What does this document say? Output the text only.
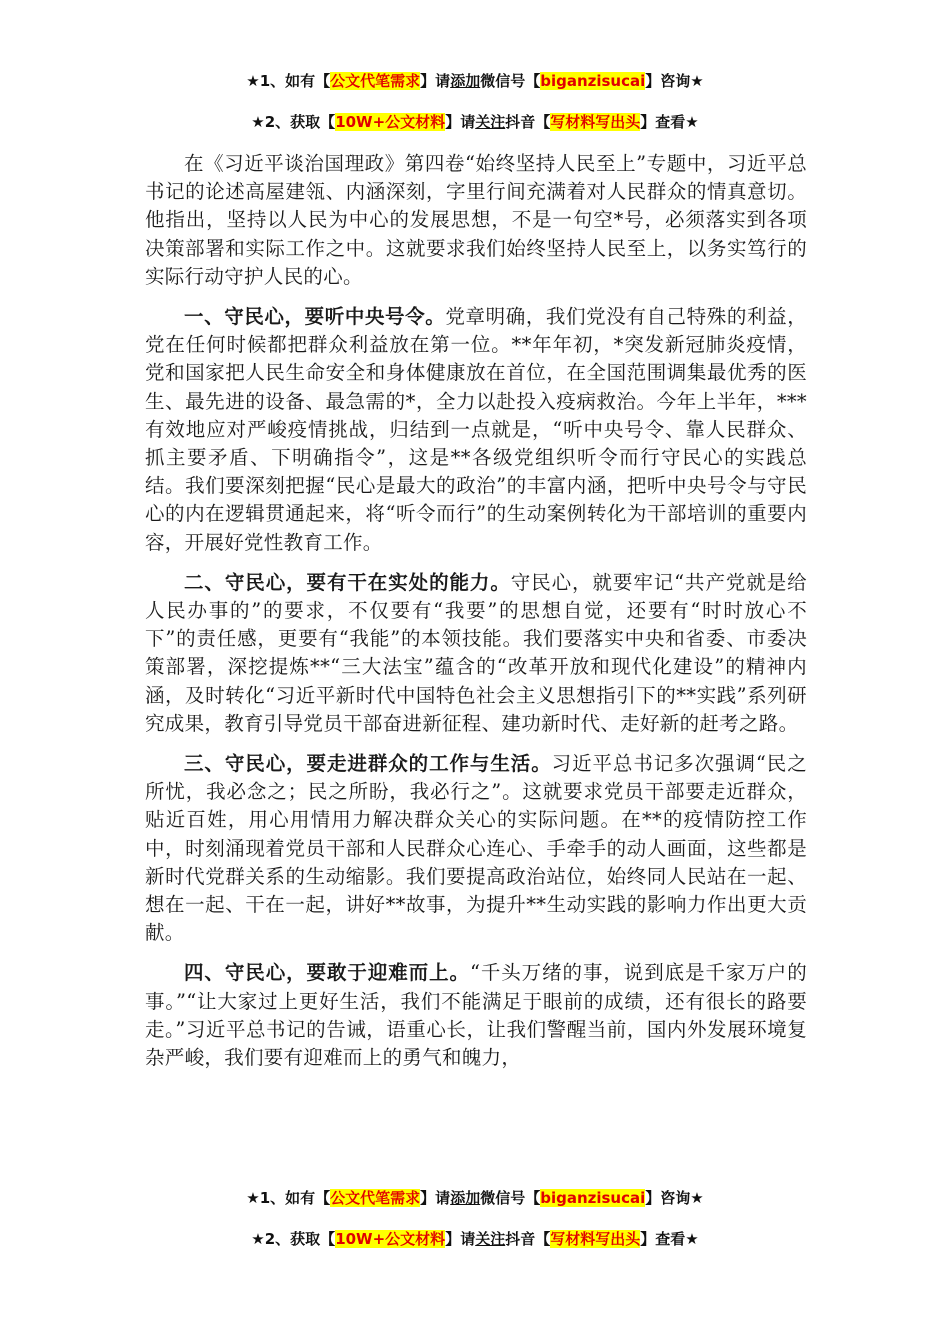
★1、如有【公文代笔需求】请添加微信号【biganzisucai】咨询★
★2、获取【10W+公文材料】请关注抖音【写材料写出头】查看★

在《习近平谈治国理政》第四卷“始终坚持人民至上”专题中，习近平总书记的论述高屋建瓴、内涵深刻，字里行间充满着对人民群众的情真意切。他指出，坚持以人民为中心的发展思想，不是一句空*号，必须落实到各项决策部署和实际工作之中。这就要求我们始终坚持人民至上，以务实笃行的实际行动守护人民的心。

一、守民心，要听中央号令。党章明确，我们党没有自己特殊的利益，党在任何时候都把群众利益放在第一位。**年年初，*突发新冠肺炎疫情，党和国家把人民生命安全和身体健康放在首位，在全国范围调集最优秀的医生、最先进的设备、最急需的*，全力以赴投入疫病救治。今年上半年，***有效地应对严峻疫情挑战，归结到一点就是，“听中央号令、靠人民群众、抓主要矛盾、下明确指令”，这是**各级党组织听令而行守民心的实践总结。我们要深刻把握“民心是最大的政治”的丰富内涵，把听中央号令与守民心的内在逻辑贯通起来，将“听令而行”的生动案例转化为干部培训的重要内容，开展好党性教育工作。

二、守民心，要有干在实处的能力。守民心，就要牢记“共产党就是给人民办事的”的要求，不仅要有“我要”的思想自觉，还要有“时时放心不下”的责任感，更要有“我能”的本领技能。我们要落实中央和省委、市委决策部署，深挖提炼**“三大法宝”蕴含的“改革开放和现代化建设”的精神内涵，及时转化“习近平新时代中国特色社会主义思想指引下的**实践”系列研究成果，教育引导党员干部奋进新征程、建功新时代、走好新的赶考之路。

三、守民心，要走进群众的工作与生活。习近平总书记多次强调“民之所忧，我必念之；民之所盼，我必行之”。这就要求党员干部要走近群众，贴近百姓，用心用情用力解决群众关心的实际问题。在**的疫情防控工作中，时刻涌现着党员干部和人民群众心连心、手牵手的动人画面，这些都是新时代党群关系的生动缩影。我们要提高政治站位，始终同人民站在一起、想在一起、干在一起，讲好**故事，为提升**生动实践的影响力作出更大贡献。

四、守民心，要敢于迎难而上。“千头万绪的事，说到底是千家万户的事。”“让大家过上更好生活，我们不能满足于眼前的成绩，还有很长的路要走。”习近平总书记的告诫，语重心长，让我们警醒当前，国内外发展环境复杂严峻，我们要有迎难而上的勇气和魄力，

★1、如有【公文代笔需求】请添加微信号【biganzisucai】咨询★
★2、获取【10W+公文材料】请关注抖音【写材料写出头】查看★
